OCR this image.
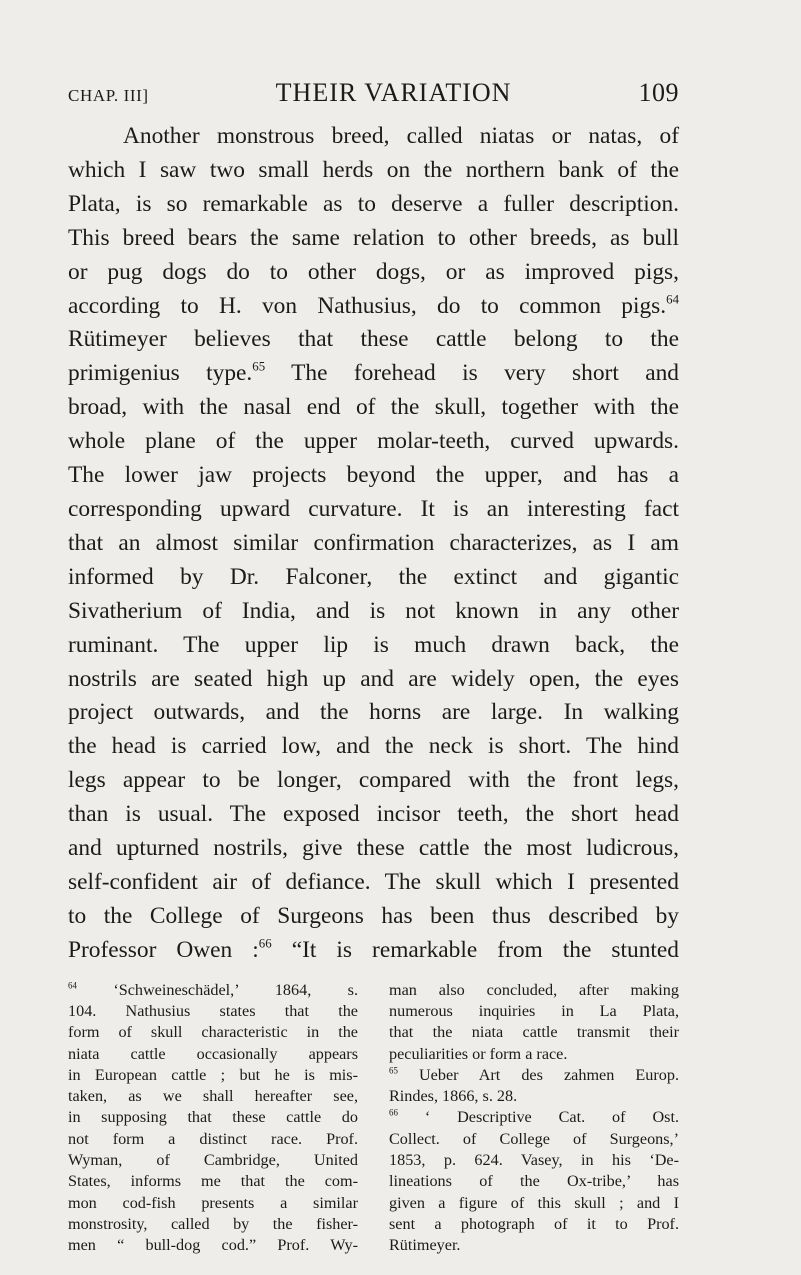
CHAP. III]	THEIR VARIATION	109
Another monstrous breed, called niatas or natas, of
which I saw two small herds on the northern bank of the
Plata, is so remarkable as to deserve a fuller description.
This breed bears the same relation to other breeds, as bull
or pug dogs do to other dogs, or as improved pigs,
according to H. von Nathusius, do to common pigs.$^{64}$
Rütimeyer believes that these cattle belong to the
primigenius type.$^{65}$ The forehead is very short and
broad, with the nasal end of the skull, together with the
whole plane of the upper molar-teeth, curved upwards.
The lower jaw projects beyond the upper, and has a
corresponding upward curvature. It is an interesting fact
that an almost similar confirmation characterizes, as I am
informed by Dr. Falconer, the extinct and gigantic
Sivatherium of India, and is not known in any other
ruminant. The upper lip is much drawn back, the
nostrils are seated high up and are widely open, the eyes
project outwards, and the horns are large. In walking
the head is carried low, and the neck is short. The hind
legs appear to be longer, compared with the front legs,
than is usual. The exposed incisor teeth, the short head
and upturned nostrils, give these cattle the most ludicrous,
self-confident air of defiance. The skull which I presented
to the College of Surgeons has been thus described by
Professor Owen :$^{66}$ “It is remarkable from the stunted
$^{64}$ ‘Schweineschädel,’ 1864, s.
104. Nathusius states that the
form of skull characteristic in the
niata cattle occasionally appears
in European cattle ; but he is mis-
taken, as we shall hereafter see,
in supposing that these cattle do
not form a distinct race. Prof.
Wyman, of Cambridge, United
States, informs me that the com-
mon cod-fish presents a similar
monstrosity, called by the fisher-
men “ bull-dog cod.” Prof. Wy-
man also concluded, after making
numerous inquiries in La Plata,
that the niata cattle transmit their
peculiarities or form a race.
$^{65}$ Ueber Art des zahmen Europ.
Rindes, 1866, s. 28.
$^{66}$ ‘ Descriptive Cat. of Ost.
Collect. of College of Surgeons,’
1853, p. 624. Vasey, in his ‘De-
lineations of the Ox-tribe,’ has
given a figure of this skull ; and I
sent a photograph of it to Prof.
Rütimeyer.
